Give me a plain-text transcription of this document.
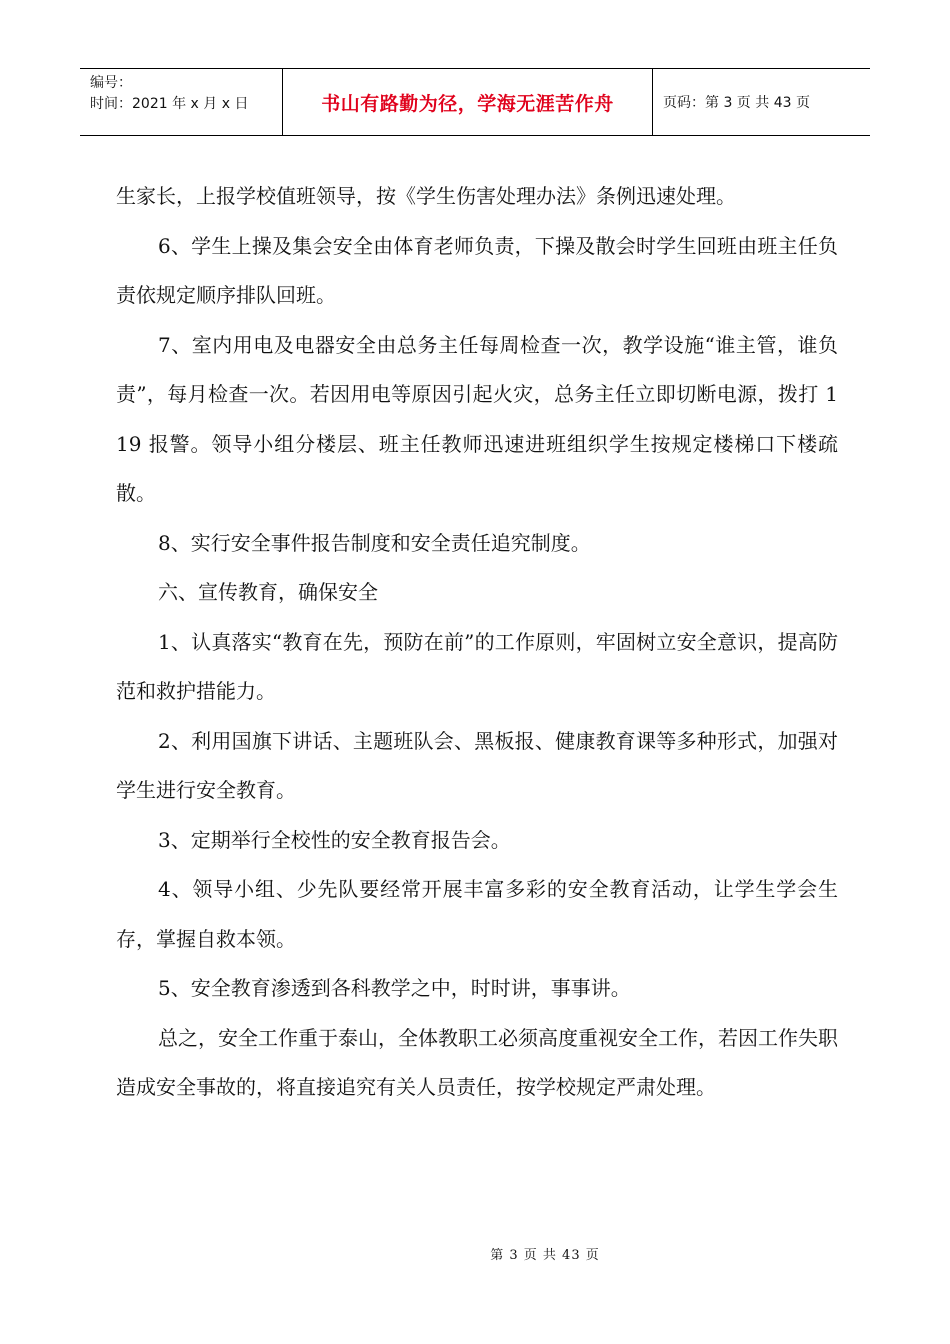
编号：
时间：2021 年 x 月 x 日	书山有路勤为径，学海无涯苦作舟	页码：第 3 页 共 43 页

生家长，上报学校值班领导，按《学生伤害处理办法》条例迅速处理。

6、学生上操及集会安全由体育老师负责，下操及散会时学生回班由班主任负责依规定顺序排队回班。

7、室内用电及电器安全由总务主任每周检查一次，教学设施“谁主管，谁负责”，每月检查一次。若因用电等原因引起火灾，总务主任立即切断电源，拨打 119 报警。领导小组分楼层、班主任教师迅速进班组织学生按规定楼梯口下楼疏散。

8、实行安全事件报告制度和安全责任追究制度。

六、宣传教育，确保安全

1、认真落实“教育在先，预防在前”的工作原则，牢固树立安全意识，提高防范和救护措能力。

2、利用国旗下讲话、主题班队会、黑板报、健康教育课等多种形式，加强对学生进行安全教育。

3、定期举行全校性的安全教育报告会。

4、领导小组、少先队要经常开展丰富多彩的安全教育活动，让学生学会生存，掌握自救本领。

5、安全教育渗透到各科教学之中，时时讲，事事讲。

总之，安全工作重于泰山，全体教职工必须高度重视安全工作，若因工作失职造成安全事故的，将直接追究有关人员责任，按学校规定严肃处理。

第 3 页 共 43 页
